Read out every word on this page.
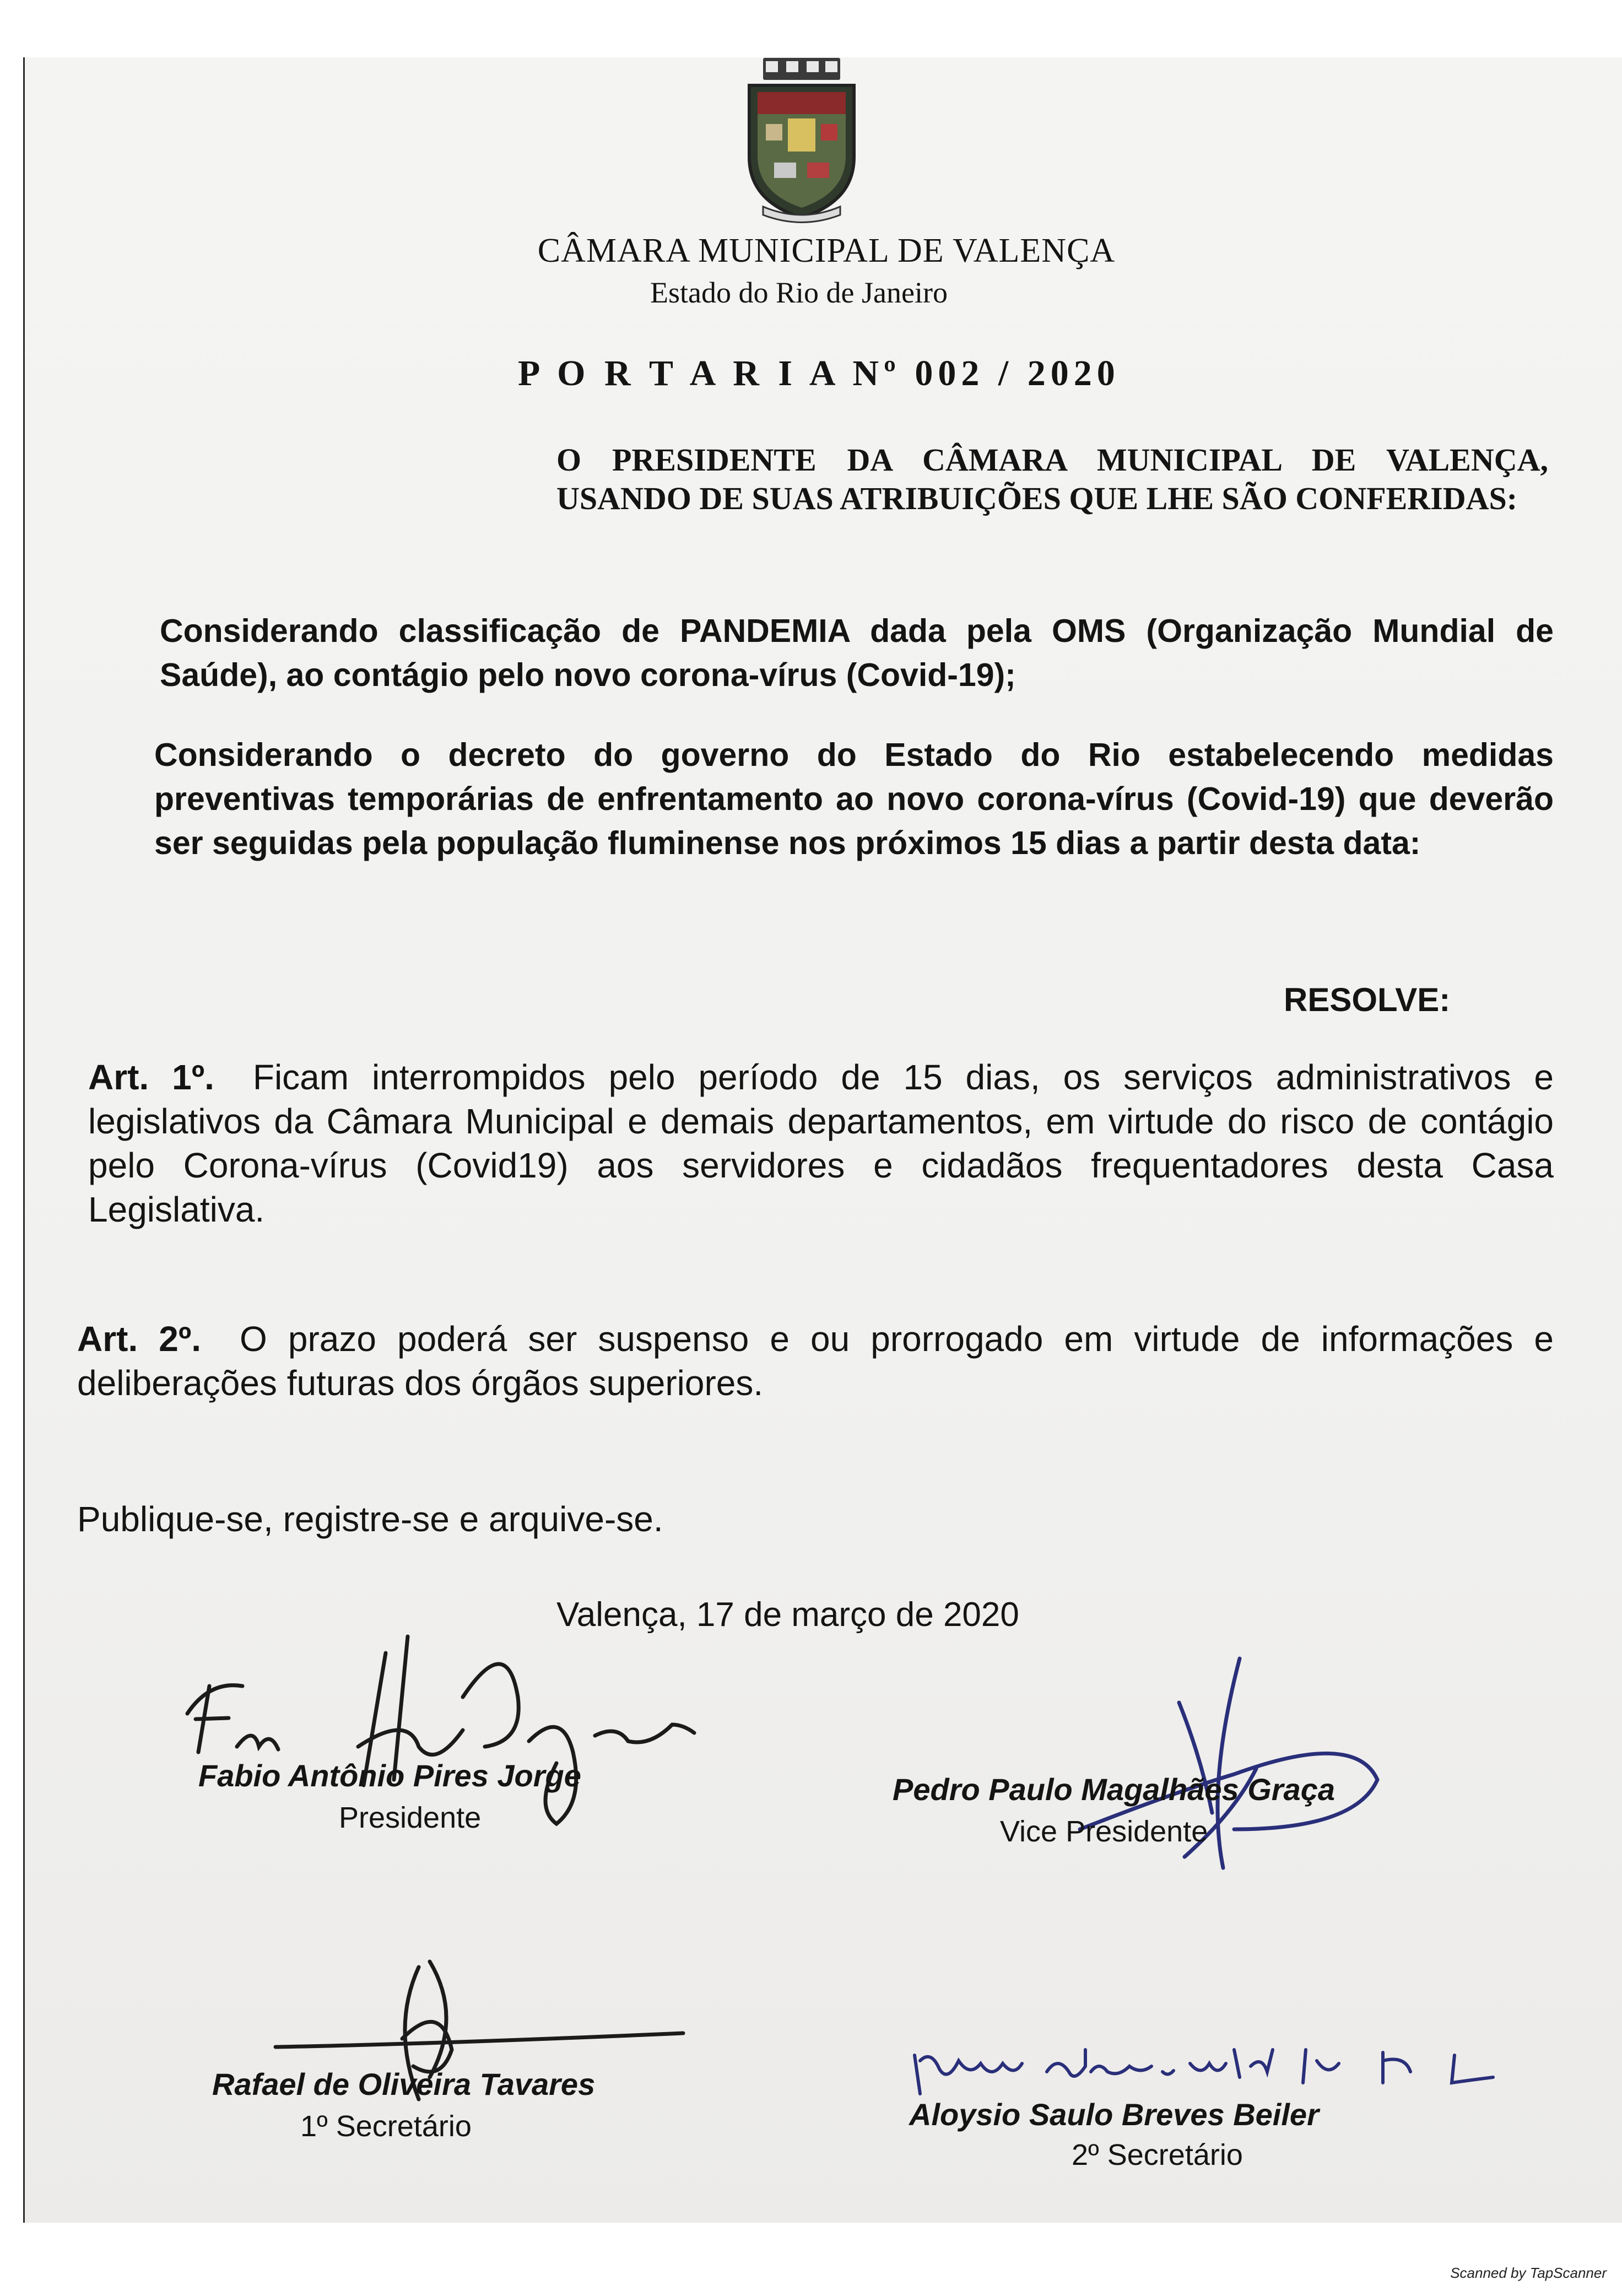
CÂMARA MUNICIPAL DE VALENÇA
Estado do Rio de Janeiro
P O R T A R I A Nº 002 / 2020
O PRESIDENTE DA CÂMARA MUNICIPAL DE VALENÇA, USANDO DE SUAS ATRIBUIÇÕES QUE LHE SÃO CONFERIDAS:
Considerando classificação de PANDEMIA dada pela OMS (Organização Mundial de Saúde), ao contágio pelo novo corona-vírus (Covid-19);
Considerando o decreto do governo do Estado do Rio estabelecendo medidas preventivas temporárias de enfrentamento ao novo corona-vírus (Covid-19) que deverão ser seguidas pela população fluminense nos próximos 15 dias a partir desta data:
RESOLVE:
Art. 1º. Ficam interrompidos pelo período de 15 dias, os serviços administrativos e legislativos da Câmara Municipal e demais departamentos, em virtude do risco de contágio pelo Corona-vírus (Covid19) aos servidores e cidadãos frequentadores desta Casa Legislativa.
Art. 2º. O prazo poderá ser suspenso e ou prorrogado em virtude de informações e deliberações futuras dos órgãos superiores.
Publique-se, registre-se e arquive-se.
Valença, 17 de março de 2020
Fabio Antônio Pires Jorge
Presidente
Pedro Paulo Magalhães Graça
Vice Presidente
Rafael de Oliveira Tavares
1º Secretário	Aloysio Saulo Breves Beiler
2º Secretário
Scanned by TapScanner
